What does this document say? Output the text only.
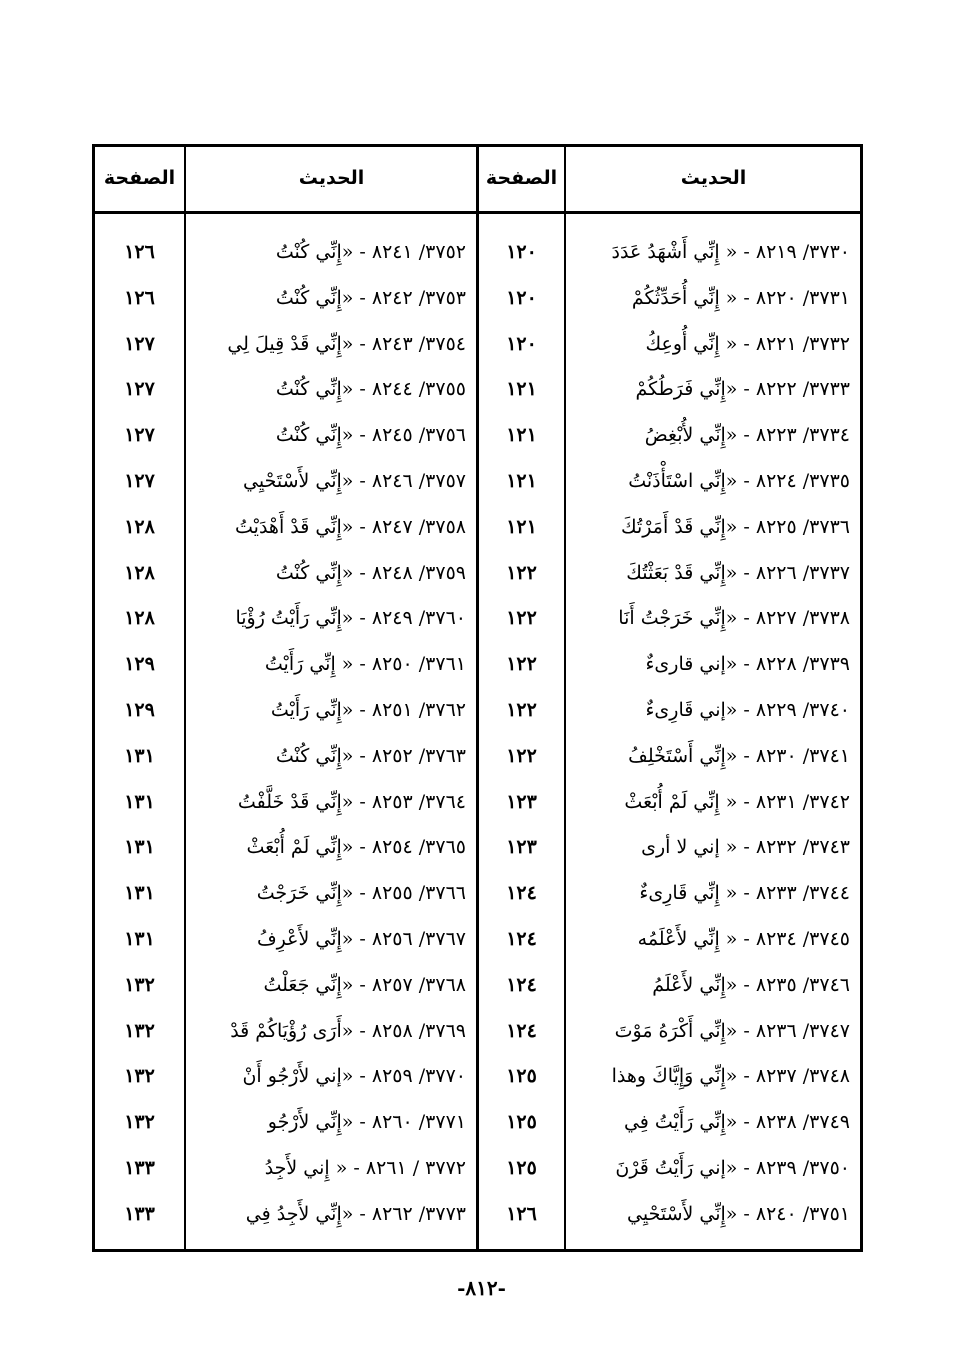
الحديث
الصفحة
الحديث
الصفحة
٣٧٣٠/ ٨٢١٩ - « إِنِّي أَشْهَدُ عَدَدَ
١٢٠
٣٧٥٢/ ٨٢٤١ - «إِنِّي كُنْتُ
١٢٦
٣٧٣١/ ٨٢٢٠ - « إِنِّي أُحَدِّثُكُمْ
١٢٠
٣٧٥٣/ ٨٢٤٢ - «إِنِّي كُنْتُ
١٢٦
٣٧٣٢/ ٨٢٢١ - « إِنِّي أُوعِكُ
١٢٠
٣٧٥٤/ ٨٢٤٣ - «إِنِّي قَدْ قِيلَ لِي
١٢٧
٣٧٣٣/ ٨٢٢٢ - «إِنِّي فَرَطُكُمْ
١٢١
٣٧٥٥/ ٨٢٤٤ - «إِنِّي كُنْتُ
١٢٧
٣٧٣٤/ ٨٢٢٣ - «إِنِّي لأُبْغِضُ
١٢١
٣٧٥٦/ ٨٢٤٥ - «إِنِّي كُنْتُ
١٢٧
٣٧٣٥/ ٨٢٢٤ - «إِنِّي اسْتَأْذَنْتُ
١٢١
٣٧٥٧/ ٨٢٤٦ - «إِنِّي لأَسْتَحْيِي
١٢٧
٣٧٣٦/ ٨٢٢٥ - «إِنِّي قَدْ أَمَرْتُكَ
١٢١
٣٧٥٨/ ٨٢٤٧ - «إِنِّي قَدْ أَهْدَيْتُ
١٢٨
٣٧٣٧/ ٨٢٢٦ - «إِنِّي قَدْ بَعَثْتُكَ
١٢٢
٣٧٥٩/ ٨٢٤٨ - «إِنِّي كُنْتُ
١٢٨
٣٧٣٨/ ٨٢٢٧ - «إِنِّي خَرَجْتُ أَنَا
١٢٢
٣٧٦٠/ ٨٢٤٩ - «إِنِّي رَأَيْتُ رُؤْيَا
١٢٨
٣٧٣٩/ ٨٢٢٨ - «إني قارىءٌ
١٢٢
٣٧٦١/ ٨٢٥٠ - « إِنِّي رَأَيْتُ
١٢٩
٣٧٤٠/ ٨٢٢٩ - «إني قَارِىءٌ
١٢٢
٣٧٦٢/ ٨٢٥١ - «إِنِّي رَأَيْتُ
١٢٩
٣٧٤١/ ٨٢٣٠ - «إِنِّي أَسْتَخْلِفُ
١٢٢
٣٧٦٣/ ٨٢٥٢ - «إِنِّي كُنْتُ
١٣١
٣٧٤٢/ ٨٢٣١ - « إِنِّي لَمْ أُبْعَثْ
١٢٣
٣٧٦٤/ ٨٢٥٣ - «إِنِّي قَدْ خَلَّفْتُ
١٣١
٣٧٤٣/ ٨٢٣٢ - « إني لا أرى
١٢٣
٣٧٦٥/ ٨٢٥٤ - «إِنِّي لَمْ أُبْعَثْ
١٣١
٣٧٤٤/ ٨٢٣٣ - « إِنِّي قَارِىءٌ
١٢٤
٣٧٦٦/ ٨٢٥٥ - «إِنِّي خَرَجْتُ
١٣١
٣٧٤٥/ ٨٢٣٤ - « إِنِّي لأَعْلَمُه
١٢٤
٣٧٦٧/ ٨٢٥٦ - «إِنِّي لأَعْرِفُ
١٣١
٣٧٤٦/ ٨٢٣٥ - «إِنِّي لأَعْلَمُ
١٢٤
٣٧٦٨/ ٨٢٥٧ - «إِنِّي جَعَلْتُ
١٣٢
٣٧٤٧/ ٨٢٣٦ - «إِنِّي أَكْرَهُ مَوْتَ
١٢٤
٣٧٦٩/ ٨٢٥٨ - «أَرَى رُؤْيَاكُمْ قَدْ
١٣٢
٣٧٤٨/ ٨٢٣٧ - «إِنِّي وَإِيَّاكَ وهذا
١٢٥
٣٧٧٠/ ٨٢٥٩ - «إني لأَرْجُو أَنْ
١٣٢
٣٧٤٩/ ٨٢٣٨ - «إِنِّي رَأَيْتُ فِي
١٢٥
٣٧٧١/ ٨٢٦٠ - «إِنِّي لأَرْجُو
١٣٢
٣٧٥٠/ ٨٢٣٩ - «إني رَأَيْتُ قَرْنَ
١٢٥
٣٧٧٢ / ٨٢٦١ - « إِني لأَجِدُ
١٣٣
٣٧٥١/ ٨٢٤٠ - «إِنِّي لأَسْتَحْيِي
١٢٦
٣٧٧٣/ ٨٢٦٢ - «إِنِّي لأَجِدُ فِي
١٣٣
-٨١٢-
